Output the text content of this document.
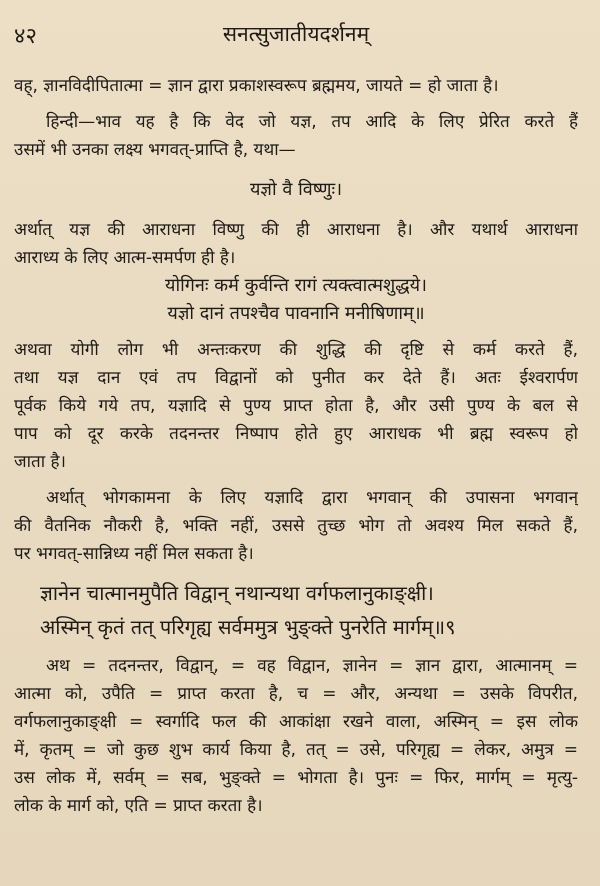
४२	सनत्सुजातीयदर्शनम्
वह्, ज्ञानविदीपितात्मा = ज्ञान द्वारा प्रकाशस्वरूप ब्रह्ममय, जायते = हो जाता है।
हिन्दी—भाव यह है कि वेद जो यज्ञ, तप आदि के लिए प्रेरित करते हैं
उसमें भी उनका लक्ष्य भगवत्-प्राप्ति है, यथा—
यज्ञो वै विष्णुः।
अर्थात् यज्ञ की आराधना विष्णु की ही आराधना है। और यथार्थ आराधना
आराध्य के लिए आत्म-समर्पण ही है।
योगिनः कर्म कुर्वन्ति रागं त्यक्त्वात्मशुद्धये।
यज्ञो दानं तपश्चैव पावनानि मनीषिणाम्॥
अथवा योगी लोग भी अन्तःकरण की शुद्धि की दृष्टि से कर्म करते हैं,
तथा यज्ञ दान एवं तप विद्वानों को पुनीत कर देते हैं। अतः ईश्वरार्पण
पूर्वक किये गये तप, यज्ञादि से पुण्य प्राप्त होता है, और उसी पुण्य के बल से
पाप को दूर करके तदनन्तर निष्पाप होते हुए आराधक भी ब्रह्म स्वरूप हो
जाता है।
अर्थात् भोगकामना के लिए यज्ञादि द्वारा भगवान् की उपासना भगवान्
की वैतनिक नौकरी है, भक्ति नहीं, उससे तुच्छ भोग तो अवश्य मिल सकते हैं,
पर भगवत्-सान्निध्य नहीं मिल सकता है।
ज्ञानेन चात्मानमुपैति विद्वान् नथान्यथा वर्गफलानुकाङ्क्षी।
अस्मिन् कृतं तत् परिगृह्य सर्वममुत्र भुङ्क्ते पुनरेति मार्गम्॥९
अथ = तदनन्तर, विद्वान्, = वह विद्वान, ज्ञानेन = ज्ञान द्वारा, आत्मानम् =
आत्मा को, उपैति = प्राप्त करता है, च = और, अन्यथा = उसके विपरीत,
वर्गफलानुकाङ्क्षी = स्वर्गादि फल की आकांक्षा रखने वाला, अस्मिन् = इस लोक
में, कृतम् = जो कुछ शुभ कार्य किया है, तत् = उसे, परिगृह्य = लेकर, अमुत्र =
उस लोक में, सर्वम् = सब, भुङ्क्ते = भोगता है। पुनः = फिर, मार्गम् = मृत्यु-
लोक के मार्ग को, एति = प्राप्त करता है।
